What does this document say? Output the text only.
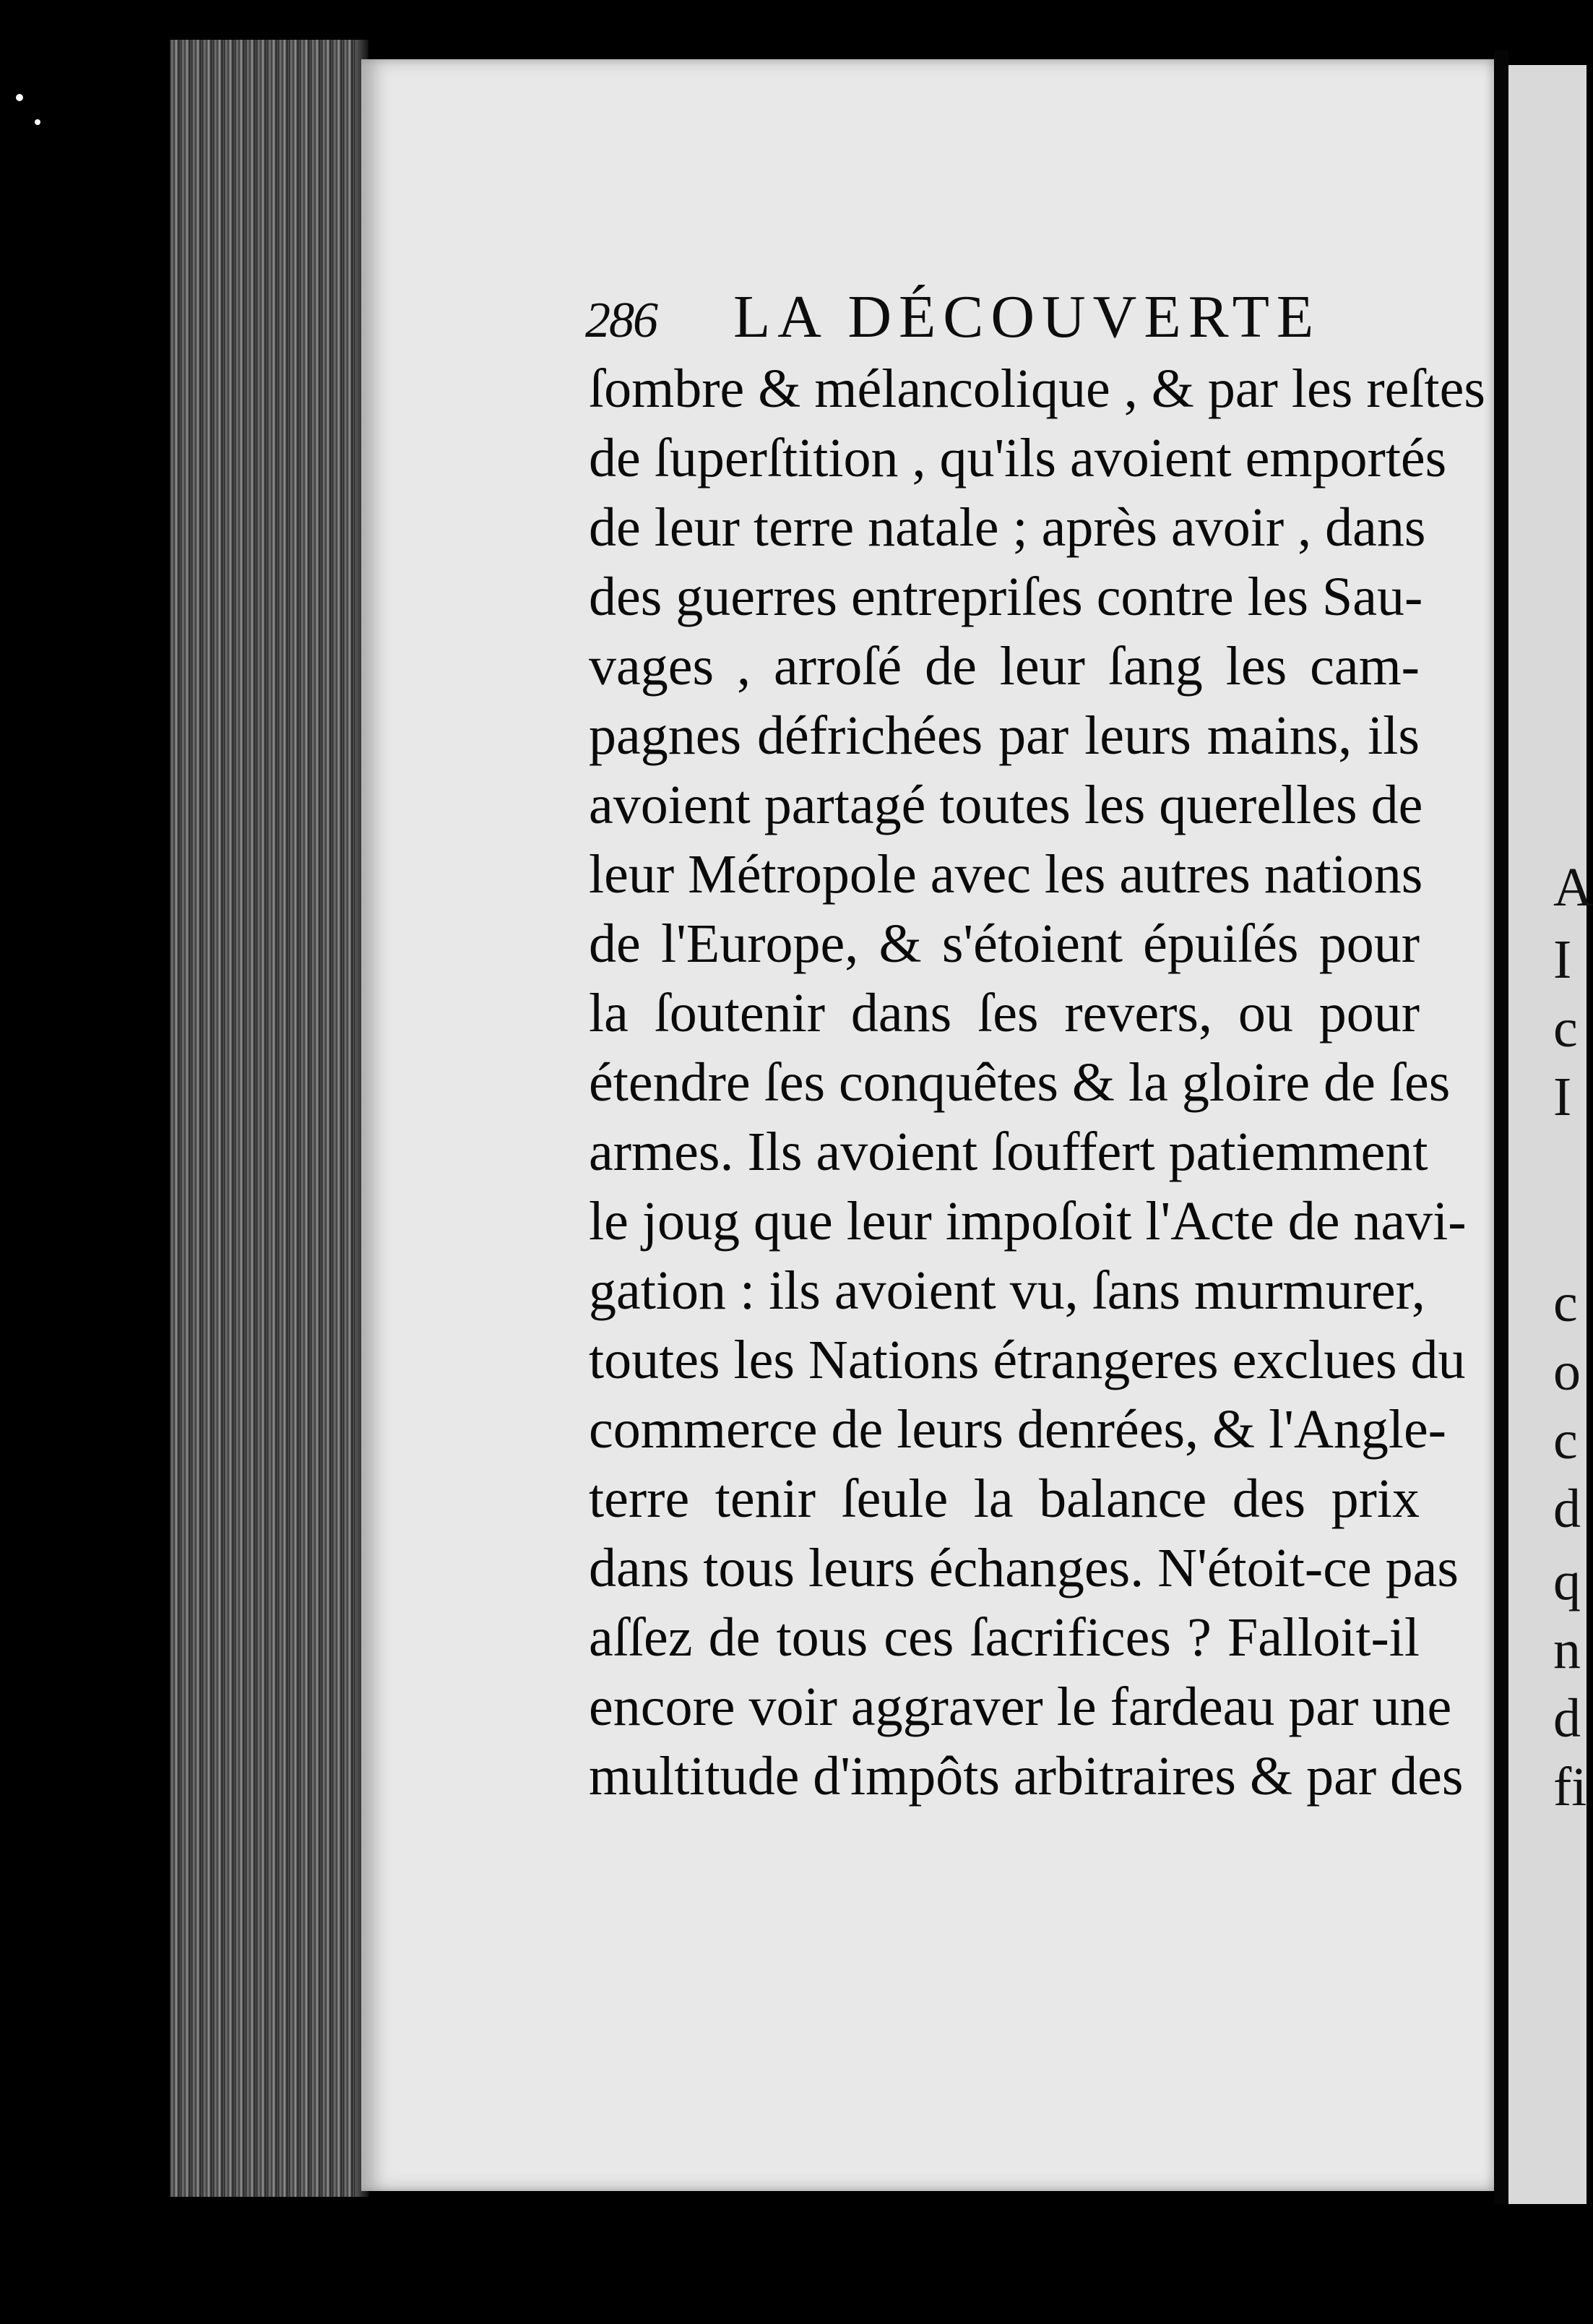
A
I
c
I
c
o
c
d
q
n
d
fi
286 LA DÉCOUVERTE
ſombre & mélancolique , & par les reſtes
de ſuperſtition , qu'ils avoient emportés
de leur terre natale ; après avoir , dans
des guerres entrepriſes contre les Sau-
vages , arroſé de leur ſang les cam-
pagnes défrichées par leurs mains, ils
avoient partagé toutes les querelles de
leur Métropole avec les autres nations
de l'Europe, & s'étoient épuiſés pour
la ſoutenir dans ſes revers, ou pour
étendre ſes conquêtes & la gloire de ſes
armes. Ils avoient ſouffert patiemment
le joug que leur impoſoit l'Acte de navi-
gation : ils avoient vu, ſans murmurer,
toutes les Nations étrangeres exclues du
commerce de leurs denrées, & l'Angle-
terre tenir ſeule la balance des prix
dans tous leurs échanges. N'étoit-ce pas
aſſez de tous ces ſacrifices ? Falloit-il
encore voir aggraver le fardeau par une
multitude d'impôts arbitraires & par des
